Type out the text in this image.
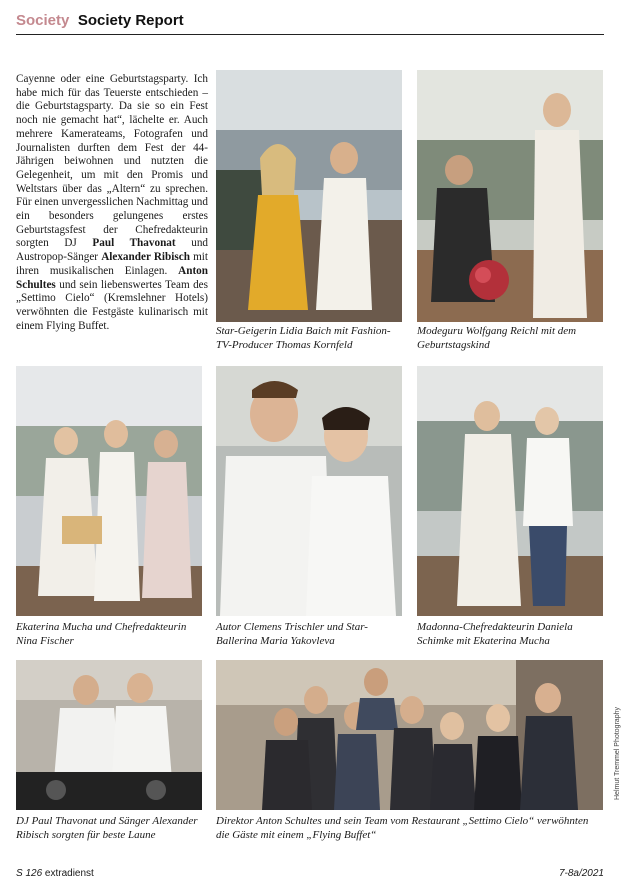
Society Society Report

Cayenne oder eine Geburtstagsparty. Ich habe mich für das Teuerste entschieden – die Geburtstagsparty. Da sie so ein Fest noch nie gemacht hat“, lächelte er. Auch mehrere Kamerateams, Fotografen und Journalisten durften dem Fest der 44-Jährigen beiwohnen und nutzten die Gelegenheit, um mit den Promis und Weltstars über das „Altern“ zu sprechen. Für einen unvergesslichen Nachmittag und ein besonders gelungenes erstes Geburtstagsfest der Chefredakteurin sorgten DJ Paul Thavonat und Austropop-Sänger Alexander Ribisch mit ihren musikalischen Einlagen. Anton Schultes und sein liebenswertes Team des „Settimo Cielo“ (Kremslehner Hotels) verwöhnten die Festgäste kulinarisch mit einem Flying Buffet.	Star-Geigerin Lidia Baich mit Fashion-TV-Producer Thomas Kornfeld

Modeguru Wolfgang Reichl mit dem Geburtstagskind

Ekaterina Mucha und Chefredakteurin Nina Fischer

Autor Clemens Trischler und Star-Ballerina Maria Yakovleva

Madonna-Chefredakteurin Daniela Schimke mit Ekaterina Mucha

DJ Paul Thavonat und Sänger Alexander Ribisch sorgten für beste Laune

Direktor Anton Schultes und sein Team vom Restaurant „Settimo Cielo“ verwöhnten die Gäste mit einem „Flying Buffet“

Helmut Tremmel Photography
S 126 extradienst	7-8a/2021
